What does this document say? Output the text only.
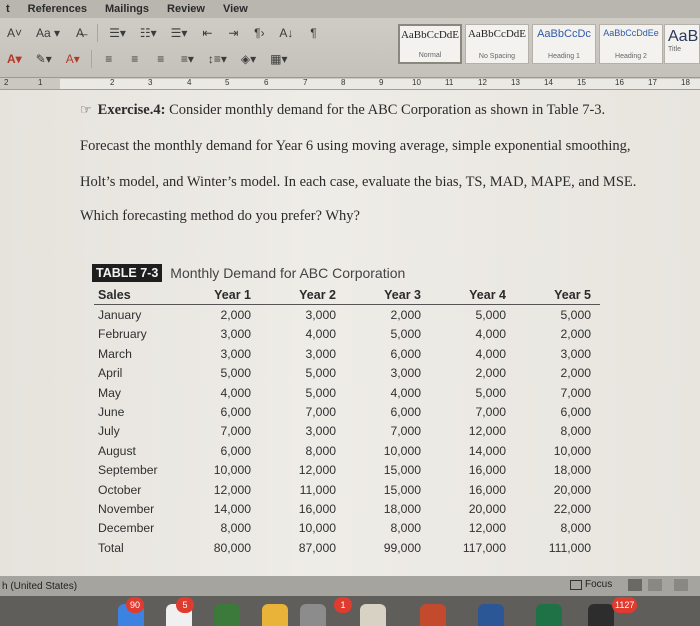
t References Mailings Review View
A˅ Aa ▾	A̶	☰▾ ☷▾ ☰▾	⇤	⇥	¶›	A↓	¶
A▾ ✎▾ A▾	≡	≡	≡	≡▾ ↕≡▾ ◈▾ ▦▾
AaBbCcDdE
Normal
AaBbCcDdE
No Spacing
AaBbCcDc
Heading 1
AaBbCcDdEe
Heading 2
AaB
Title
2	1	2	3	4	5	6	7	8	9	10	11	12	13	14	15	16	17	18
☞ Exercise.4: Consider monthly demand for the ABC Corporation as shown in Table 7-3.
Forecast the monthly demand for Year 6 using moving average, simple exponential smoothing,
Holt’s model, and Winter’s model. In each case, evaluate the bias, TS, MAD, MAPE, and MSE.
Which forecasting method do you prefer? Why?
TABLE 7-3 Monthly Demand for ABC Corporation
Sales	Year 1	Year 2	Year 3	Year 4	Year 5
January	2,000	3,000	2,000	5,000	5,000
February	3,000	4,000	5,000	4,000	2,000
March	3,000	3,000	6,000	4,000	3,000
April	5,000	5,000	3,000	2,000	2,000
May	4,000	5,000	4,000	5,000	7,000
June	6,000	7,000	6,000	7,000	6,000
July	7,000	3,000	7,000	12,000	8,000
August	6,000	8,000	10,000	14,000	10,000
September	10,000	12,000	15,000	16,000	18,000
October	12,000	11,000	15,000	16,000	20,000
November	14,000	16,000	18,000	20,000	22,000
December	8,000	10,000	8,000	12,000	8,000
Total	80,000	87,000	99,000	117,000	111,000
h (United States)	Focus
90	5	1	1127
